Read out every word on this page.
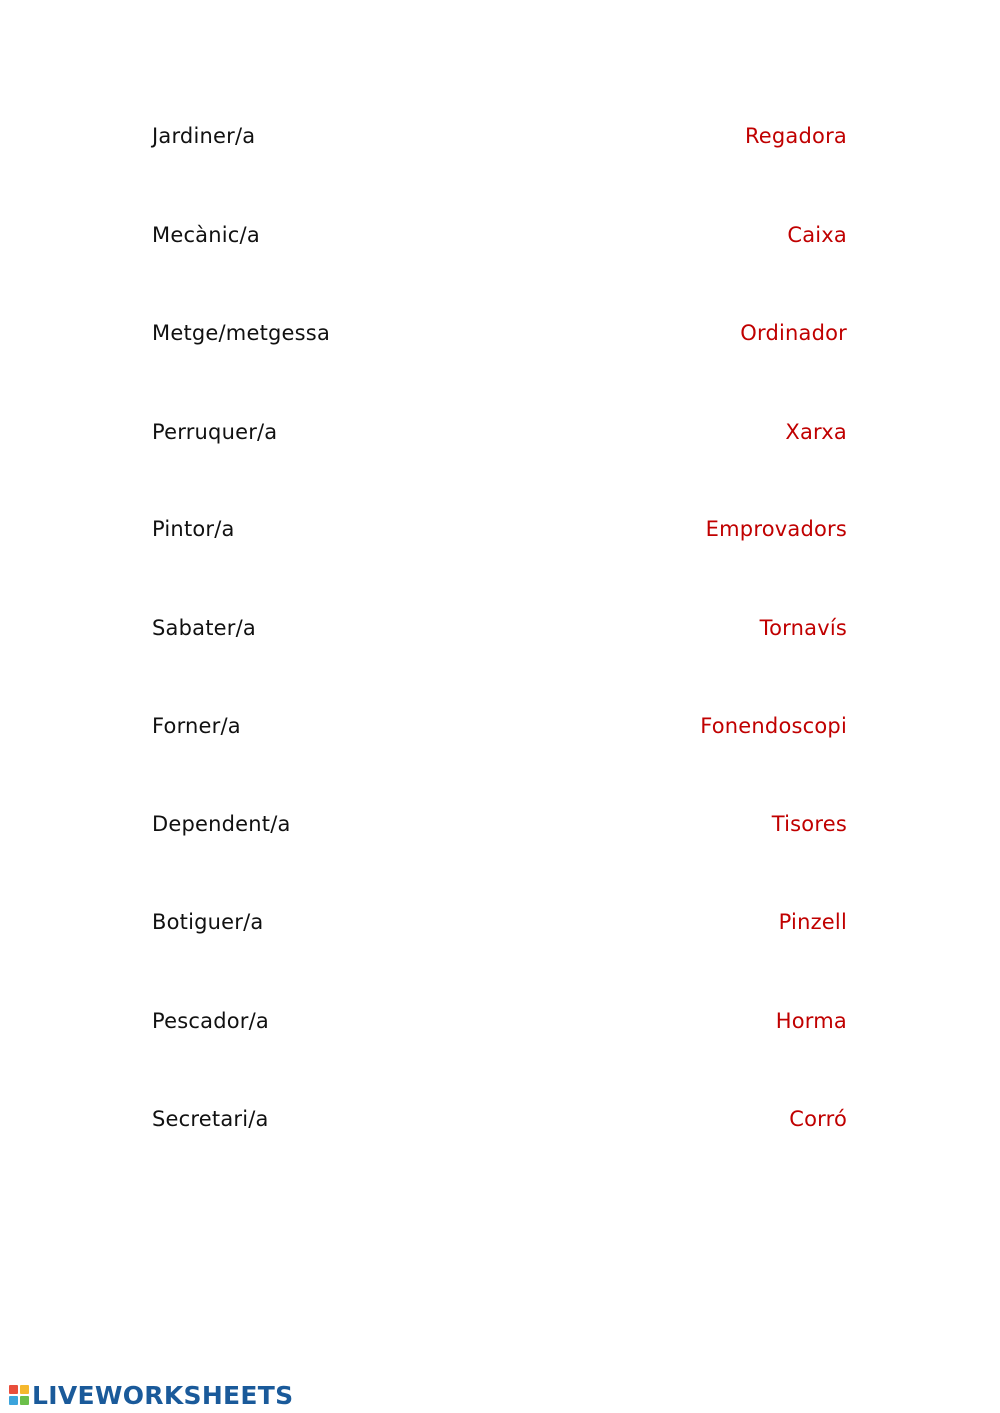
Jardiner/a	Regadora
Mecànic/a	Caixa
Metge/metgessa	Ordinador
Perruquer/a	Xarxa
Pintor/a	Emprovadors
Sabater/a	Tornavís
Forner/a	Fonendoscopi
Dependent/a	Tisores
Botiguer/a	Pinzell
Pescador/a	Horma
Secretari/a	Corró
LIVEWORKSHEETS
